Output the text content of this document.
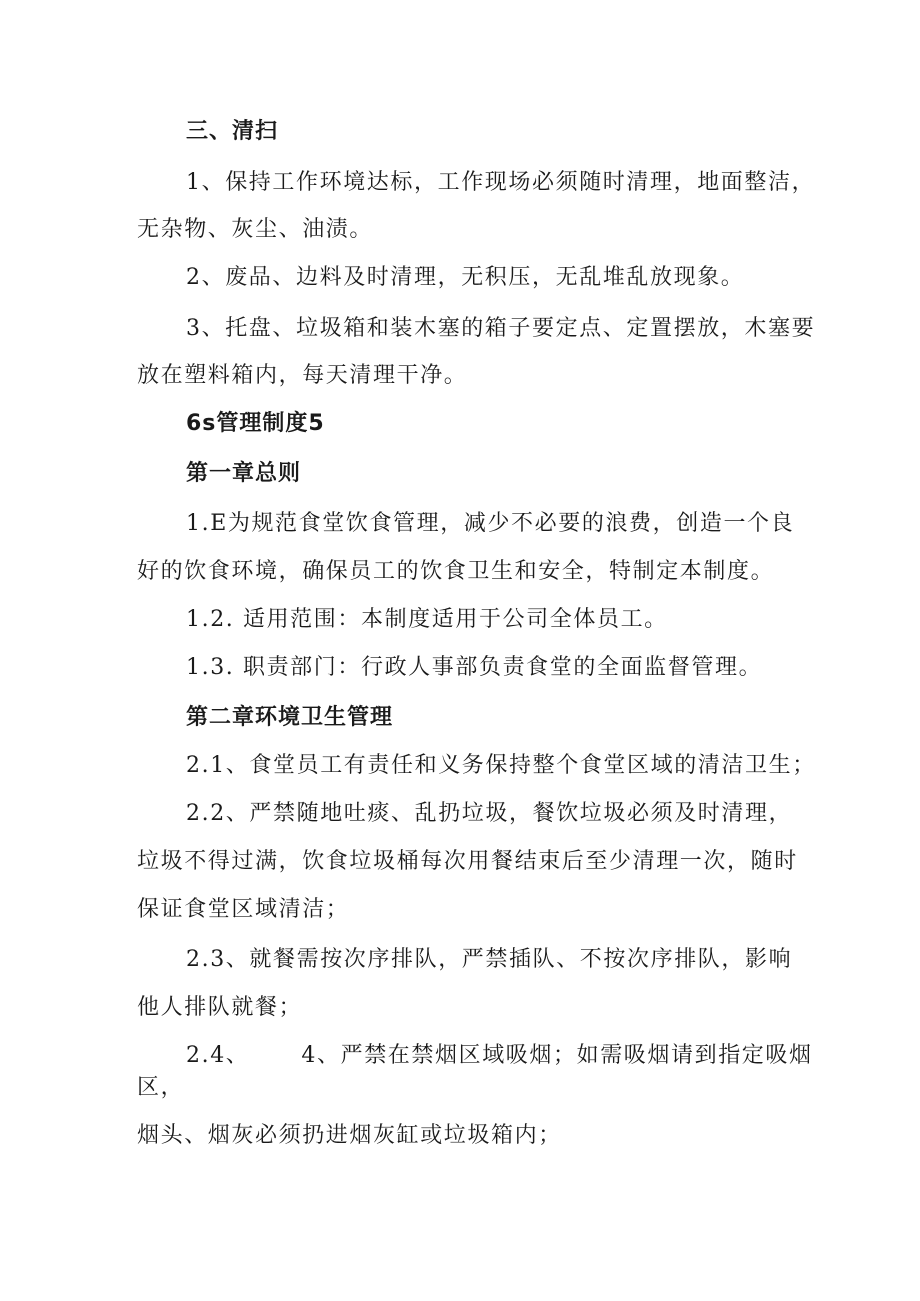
三、清扫
1、保持工作环境达标，工作现场必须随时清理，地面整洁，
无杂物、灰尘、油渍。
2、废品、边料及时清理，无积压，无乱堆乱放现象。
3、托盘、垃圾箱和装木塞的箱子要定点、定置摆放，木塞要
放在塑料箱内，每天清理干净。
6s管理制度5
第一章总则
1.E为规范食堂饮食管理，减少不必要的浪费，创造一个良
好的饮食环境，确保员工的饮食卫生和安全，特制定本制度。
1.2. 适用范围：本制度适用于公司全体员工。
1.3. 职责部门：行政人事部负责食堂的全面监督管理。
第二章环境卫生管理
2.1、食堂员工有责任和义务保持整个食堂区域的清洁卫生；
2.2、严禁随地吐痰、乱扔垃圾，餐饮垃圾必须及时清理，
垃圾不得过满，饮食垃圾桶每次用餐结束后至少清理一次，随时
保证食堂区域清洁；
2.3、就餐需按次序排队，严禁插队、不按次序排队，影响
他人排队就餐；
2.4、 4、严禁在禁烟区域吸烟；如需吸烟请到指定吸烟
区，
烟头、烟灰必须扔进烟灰缸或垃圾箱内；
